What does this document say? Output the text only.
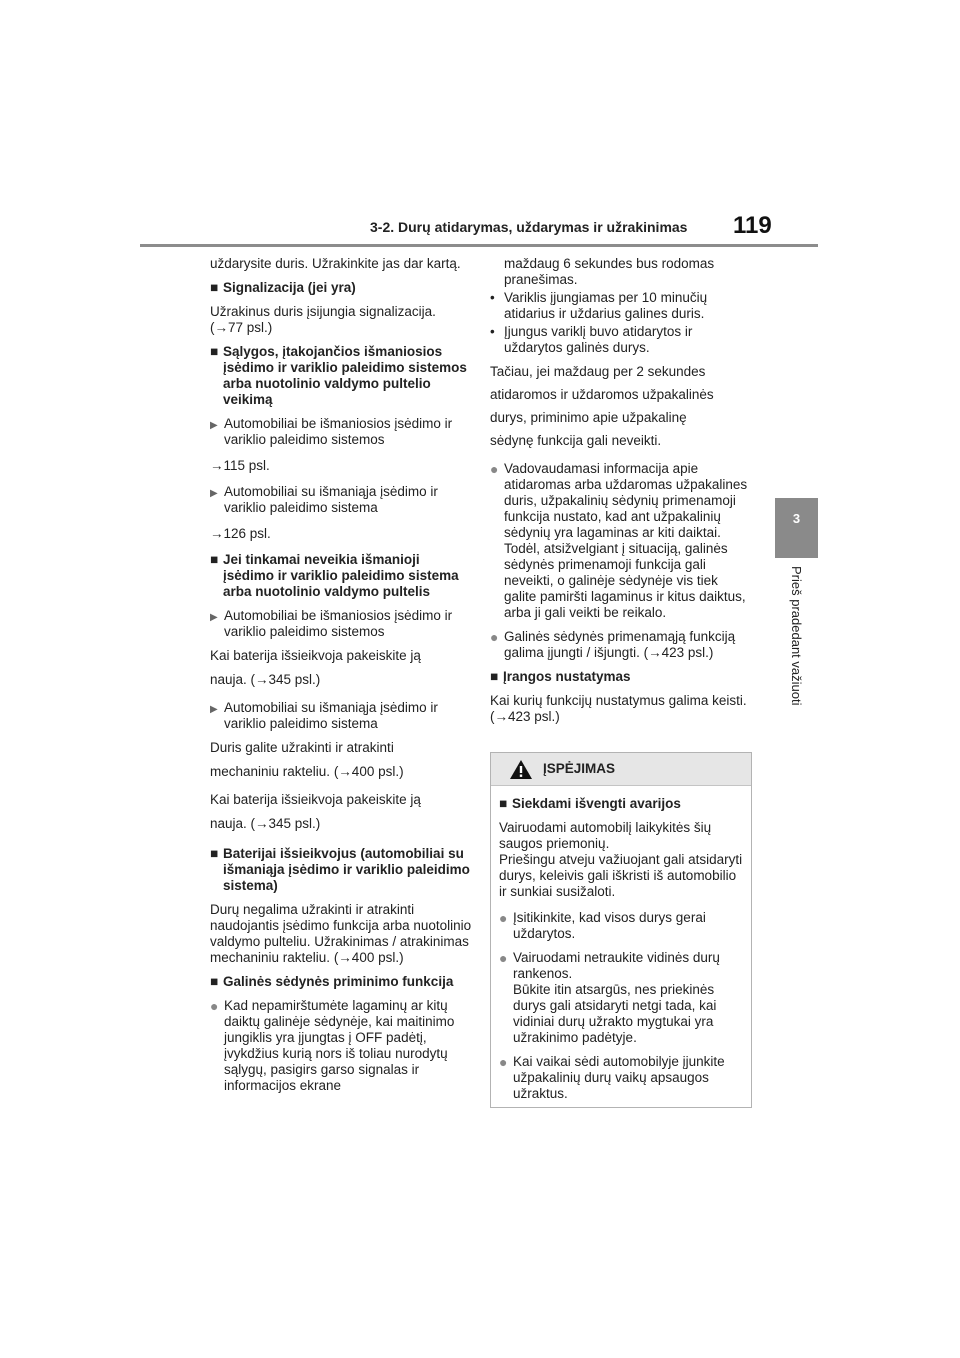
3-2. Durų atidarymas, uždarymas ir užrakinimas 119
3
Prieš pradedant važiuoti

uždarysite duris. Užrakinkite jas dar kartą.

■ Signalizacija (jei yra)

Užrakinus duris įsijungia signalizacija. (→77 psl.)

■ Sąlygos, įtakojančios išmaniosios įsėdimo ir variklio paleidimo sistemos arba nuotolinio valdymo pultelio veikimą
▶ Automobiliai be išmaniosios įsėdimo ir variklio paleidimo sistemos

→115 psl.

▶ Automobiliai su išmaniąja įsėdimo ir variklio paleidimo sistema

→126 psl.

■ Jei tinkamai neveikia išmanioji įsėdimo ir variklio paleidimo sistema arba nuotolinio valdymo pultelis
▶ Automobiliai be išmaniosios įsėdimo ir variklio paleidimo sistemos

Kai baterija išsieikvoja pakeiskite ją

nauja. (→345 psl.)

▶ Automobiliai su išmaniąja įsėdimo ir variklio paleidimo sistema

Duris galite užrakinti ir atrakinti

mechaniniu rakteliu. (→400 psl.)

Kai baterija išsieikvoja pakeiskite ją

nauja. (→345 psl.)

■ Baterijai išsieikvojus (automobiliai su išmaniąja įsėdimo ir variklio paleidimo sistema)

Durų negalima užrakinti ir atrakinti naudojantis įsėdimo funkcija arba nuotolinio valdymo pulteliu. Užrakinimas / atrakinimas mechaniniu rakteliu. (→400 psl.)

■ Galinės sėdynės priminimo funkcija
● Kad nepamirštumėte lagaminų ar kitų daiktų galinėje sėdynėje, kai maitinimo jungiklis yra įjungtas į OFF padėtį, įvykdžius kurią nors iš toliau nurodytų sąlygų, pasigirs garso signalas ir informacijos ekrane

maždaug 6 sekundes bus rodomas pranešimas.

• Variklis įjungiamas per 10 minučių atidarius ir uždarius galines duris.
• Įjungus variklį buvo atidarytos ir uždarytos galinės durys.

Tačiau, jei maždaug per 2 sekundes

atidaromos ir uždaromos užpakalinės

durys, priminimo apie užpakalinę

sėdynę funkcija gali neveikti.

● Vadovaudamasi informacija apie atidaromas arba uždaromas užpakalines duris, užpakalinių sėdynių primenamoji funkcija nustato, kad ant užpakalinių sėdynių yra lagaminas ar kiti daiktai. Todėl, atsižvelgiant į situaciją, galinės sėdynės primenamoji funkcija gali neveikti, o galinėje sėdynėje vis tiek galite pamiršti lagaminus ir kitus daiktus, arba ji gali veikti be reikalo.
● Galinės sėdynės primenamąją funkciją galima įjungti / išjungti. (→423 psl.)
■ Įrangos nustatymas

Kai kurių funkcijų nustatymus galima keisti. (→423 psl.)

ĮSPĖJIMAS
■ Siekdami išvengti avarijos

Vairuodami automobilį laikykitės šių saugos priemonių.

Priešingu atveju važiuojant gali atsidaryti durys, keleivis gali iškristi iš automobilio ir sunkiai susižaloti.

● Įsitikinkite, kad visos durys gerai uždarytos.
● Vairuodami netraukite vidinės durų rankenos.
Būkite itin atsargūs, nes priekinės durys gali atsidaryti netgi tada, kai vidiniai durų užrakto mygtukai yra užrakinimo padėtyje.
● Kai vaikai sėdi automobilyje įjunkite užpakalinių durų vaikų apsaugos užraktus.
